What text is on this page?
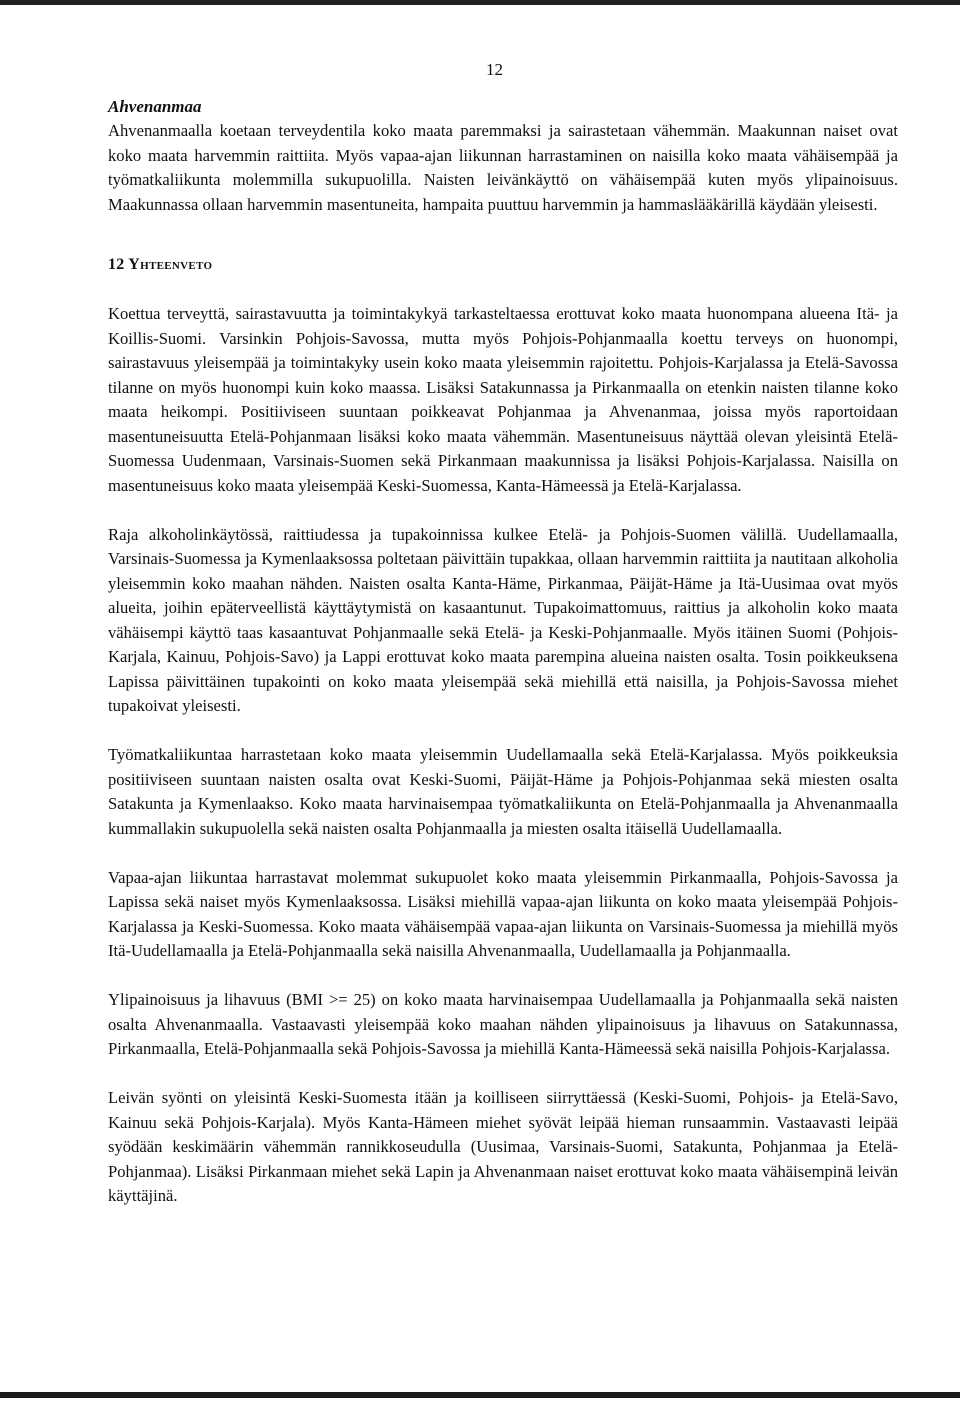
12
Ahvenanmaa

Ahvenanmaalla koetaan terveydentila koko maata paremmaksi ja sairastetaan vähemmän. Maakunnan naiset ovat koko maata harvemmin raittiita. Myös vapaa-ajan liikunnan harrastaminen on naisilla koko maata vähäisempää ja työmatkaliikunta molemmilla sukupuolilla. Naisten leivänkäyttö on vähäisempää kuten myös ylipainoisuus. Maakunnassa ollaan harvemmin masentuneita, hampaita puuttuu harvemmin ja hammaslääkärillä käydään yleisesti.

12 Yhteenveto

Koettua terveyttä, sairastavuutta ja toimintakykyä tarkasteltaessa erottuvat koko maata huonompana alueena Itä- ja Koillis-Suomi. Varsinkin Pohjois-Savossa, mutta myös Pohjois-Pohjanmaalla koettu terveys on huonompi, sairastavuus yleisempää ja toimintakyky usein koko maata yleisemmin rajoitettu. Pohjois-Karjalassa ja Etelä-Savossa tilanne on myös huonompi kuin koko maassa. Lisäksi Satakunnassa ja Pirkanmaalla on etenkin naisten tilanne koko maata heikompi. Positiiviseen suuntaan poikkeavat Pohjanmaa ja Ahvenanmaa, joissa myös raportoidaan masentuneisuutta Etelä-Pohjanmaan lisäksi koko maata vähemmän. Masentuneisuus näyttää olevan yleisintä Etelä-Suomessa Uudenmaan, Varsinais-Suomen sekä Pirkanmaan maakunnissa ja lisäksi Pohjois-Karjalassa. Naisilla on masentuneisuus koko maata yleisempää Keski-Suomessa, Kanta-Hämeessä ja Etelä-Karjalassa.

Raja alkoholinkäytössä, raittiudessa ja tupakoinnissa kulkee Etelä- ja Pohjois-Suomen välillä. Uudellamaalla, Varsinais-Suomessa ja Kymenlaaksossa poltetaan päivittäin tupakkaa, ollaan harvemmin raittiita ja nautitaan alkoholia yleisemmin koko maahan nähden. Naisten osalta Kanta-Häme, Pirkanmaa, Päijät-Häme ja Itä-Uusimaa ovat myös alueita, joihin epäterveellistä käyttäytymistä on kasaantunut. Tupakoimattomuus, raittius ja alkoholin koko maata vähäisempi käyttö taas kasaantuvat Pohjanmaalle sekä Etelä- ja Keski-Pohjanmaalle. Myös itäinen Suomi (Pohjois-Karjala, Kainuu, Pohjois-Savo) ja Lappi erottuvat koko maata parempina alueina naisten osalta. Tosin poikkeuksena Lapissa päivittäinen tupakointi on koko maata yleisempää sekä miehillä että naisilla, ja Pohjois-Savossa miehet tupakoivat yleisesti.

Työmatkaliikuntaa harrastetaan koko maata yleisemmin Uudellamaalla sekä Etelä-Karjalassa. Myös poikkeuksia positiiviseen suuntaan naisten osalta ovat Keski-Suomi, Päijät-Häme ja Pohjois-Pohjanmaa sekä miesten osalta Satakunta ja Kymenlaakso. Koko maata harvinaisempaa työmatkaliikunta on Etelä-Pohjanmaalla ja Ahvenanmaalla kummallakin sukupuolella sekä naisten osalta Pohjanmaalla ja miesten osalta itäisellä Uudellamaalla.

Vapaa-ajan liikuntaa harrastavat molemmat sukupuolet koko maata yleisemmin Pirkanmaalla, Pohjois-Savossa ja Lapissa sekä naiset myös Kymenlaaksossa. Lisäksi miehillä vapaa-ajan liikunta on koko maata yleisempää Pohjois-Karjalassa ja Keski-Suomessa. Koko maata vähäisempää vapaa-ajan liikunta on Varsinais-Suomessa ja miehillä myös Itä-Uudellamaalla ja Etelä-Pohjanmaalla sekä naisilla Ahvenanmaalla, Uudellamaalla ja Pohjanmaalla.

Ylipainoisuus ja lihavuus (BMI >= 25) on koko maata harvinaisempaa Uudellamaalla ja Pohjanmaalla sekä naisten osalta Ahvenanmaalla. Vastaavasti yleisempää koko maahan nähden ylipainoisuus ja lihavuus on Satakunnassa, Pirkanmaalla, Etelä-Pohjanmaalla sekä Pohjois-Savossa ja miehillä Kanta-Hämeessä sekä naisilla Pohjois-Karjalassa.

Leivän syönti on yleisintä Keski-Suomesta itään ja koilliseen siirryttäessä (Keski-Suomi, Pohjois- ja Etelä-Savo, Kainuu sekä Pohjois-Karjala). Myös Kanta-Hämeen miehet syövät leipää hieman runsaammin. Vastaavasti leipää syödään keskimäärin vähemmän rannikkoseudulla (Uusimaa, Varsinais-Suomi, Satakunta, Pohjanmaa ja Etelä-Pohjanmaa). Lisäksi Pirkanmaan miehet sekä Lapin ja Ahvenanmaan naiset erottuvat koko maata vähäisempinä leivän käyttäjinä.
